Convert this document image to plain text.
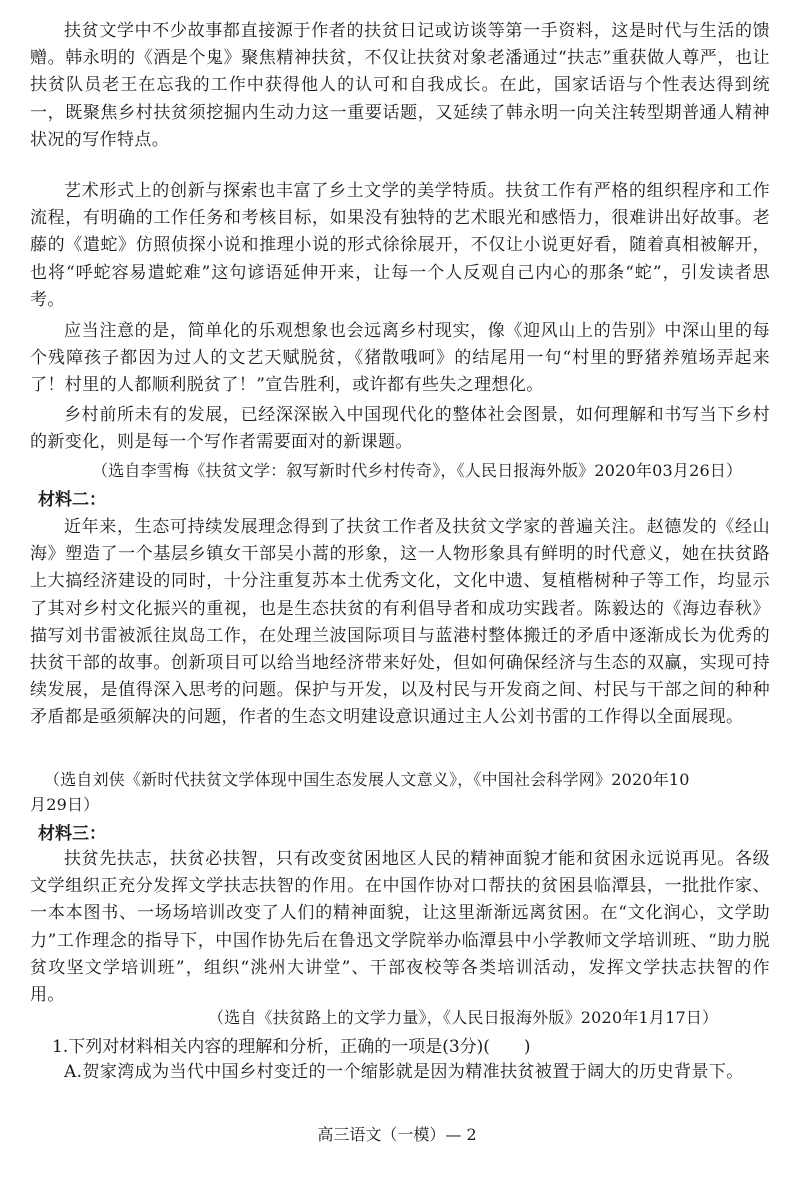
扶贫文学中不少故事都直接源于作者的扶贫日记或访谈等第一手资料，这是时代与生活的馈赠。韩永明的《酒是个鬼》聚焦精神扶贫，不仅让扶贫对象老潘通过“扶志”重获做人尊严，也让扶贫队员老王在忘我的工作中获得他人的认可和自我成长。在此，国家话语与个性表达得到统一，既聚焦乡村扶贫须挖掘内生动力这一重要话题，又延续了韩永明一向关注转型期普通人精神状况的写作特点。

艺术形式上的创新与探索也丰富了乡土文学的美学特质。扶贫工作有严格的组织程序和工作流程，有明确的工作任务和考核目标，如果没有独特的艺术眼光和感悟力，很难讲出好故事。老藤的《遣蛇》仿照侦探小说和推理小说的形式徐徐展开，不仅让小说更好看，随着真相被解开，也将“呼蛇容易遣蛇难”这句谚语延伸开来，让每一个人反观自己内心的那条“蛇”，引发读者思考。

应当注意的是，简单化的乐观想象也会远离乡村现实，像《迎风山上的告别》中深山里的每个残障孩子都因为过人的文艺天赋脱贫，《猪散哦呵》的结尾用一句“村里的野猪养殖场弄起来了！村里的人都顺利脱贫了！”宣告胜利，或许都有些失之理想化。

乡村前所未有的发展，已经深深嵌入中国现代化的整体社会图景，如何理解和书写当下乡村的新变化，则是每一个写作者需要面对的新课题。

（选自李雪梅《扶贫文学：叙写新时代乡村传奇》，《人民日报海外版》2020年03月26日）

材料二：

近年来，生态可持续发展理念得到了扶贫工作者及扶贫文学家的普遍关注。赵德发的《经山海》塑造了一个基层乡镇女干部吴小蒿的形象，这一人物形象具有鲜明的时代意义，她在扶贫路上大搞经济建设的同时，十分注重复苏本土优秀文化，文化中遗、复植楷树种子等工作，均显示了其对乡村文化振兴的重视，也是生态扶贫的有利倡导者和成功实践者。陈毅达的《海边春秋》描写刘书雷被派往岚岛工作，在处理兰波国际项目与蓝港村整体搬迁的矛盾中逐渐成长为优秀的扶贫干部的故事。创新项目可以给当地经济带来好处，但如何确保经济与生态的双赢，实现可持续发展，是值得深入思考的问题。保护与开发，以及村民与开发商之间、村民与干部之间的种种矛盾都是亟须解决的问题，作者的生态文明建设意识通过主人公刘书雷的工作得以全面展现。

（选自刘侠《新时代扶贫文学体现中国生态发展人文意义》，《中国社会科学网》2020年10

月29日）

材料三：

扶贫先扶志，扶贫必扶智，只有改变贫困地区人民的精神面貌才能和贫困永远说再见。各级文学组织正充分发挥文学扶志扶智的作用。在中国作协对口帮扶的贫困县临潭县，一批批作家、一本本图书、一场场培训改变了人们的精神面貌，让这里渐渐远离贫困。在“文化润心，文学助力”工作理念的指导下，中国作协先后在鲁迅文学院举办临潭县中小学教师文学培训班、“助力脱贫攻坚文学培训班”，组织“洮州大讲堂”、干部夜校等各类培训活动，发挥文学扶志扶智的作用。

（选自《扶贫路上的文学力量》，《人民日报海外版》2020年1月17日）

1.下列对材料相关内容的理解和分析，正确的一项是(3分)(　　)

A.贺家湾成为当代中国乡村变迁的一个缩影就是因为精准扶贫被置于阔大的历史背景下。

高三语文（一模）— 2
